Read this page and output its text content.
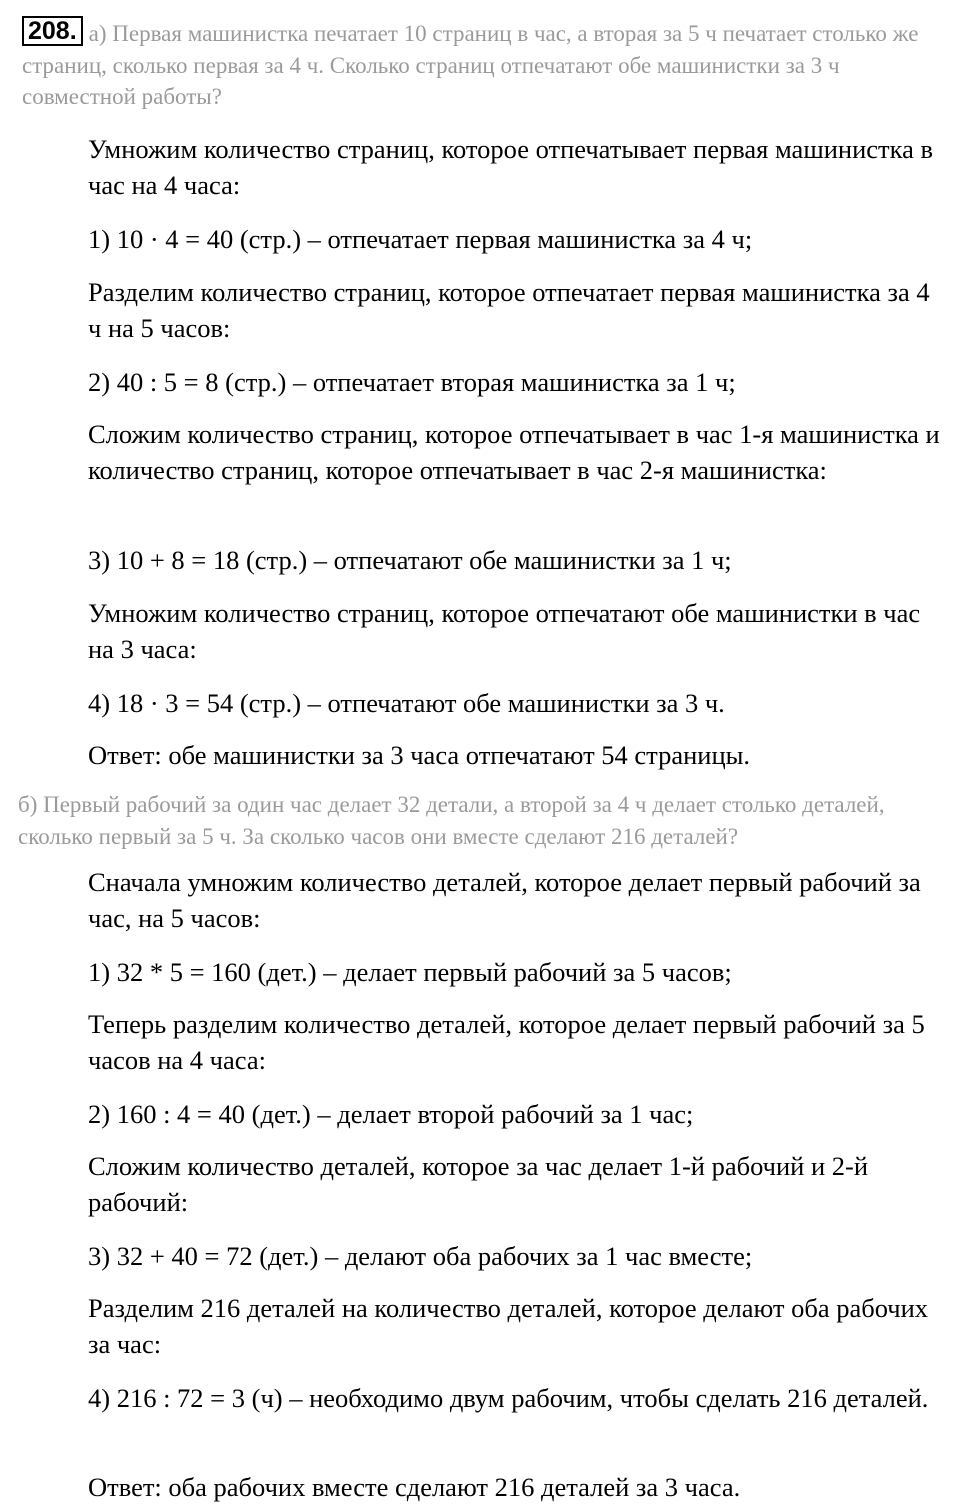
208. а) Первая машинистка печатает 10 страниц в час, а вторая за 5 ч печатает столько же страниц, сколько первая за 4 ч. Сколько страниц отпечатают обе машинистки за 3 ч совместной работы?

Умножим количество страниц, которое отпечатывает первая машинистка в час на 4 часа:

1) 10 · 4 = 40 (стр.) – отпечатает первая машинистка за 4 ч;

Разделим количество страниц, которое отпечатает первая машинистка за 4 ч на 5 часов:

2) 40 : 5 = 8 (стр.) – отпечатает вторая машинистка за 1 ч;

Сложим количество страниц, которое отпечатывает в час 1-я машинистка и количество страниц, которое отпечатывает в час 2-я машинистка:

3) 10 + 8 = 18 (стр.) – отпечатают обе машинистки за 1 ч;

Умножим количество страниц, которое отпечатают обе машинистки в час на 3 часа:

4) 18 · 3 = 54 (стр.) – отпечатают обе машинистки за 3 ч.

Ответ: обе машинистки за 3 часа отпечатают 54 страницы.

б) Первый рабочий за один час делает 32 детали, а второй за 4 ч делает столько деталей, сколько первый за 5 ч. За сколько часов они вместе сделают 216 деталей?

Сначала умножим количество деталей, которое делает первый рабочий за час, на 5 часов:

1) 32 * 5 = 160 (дет.) – делает первый рабочий за 5 часов;

Теперь разделим количество деталей, которое делает первый рабочий за 5 часов на 4 часа:

2) 160 : 4 = 40 (дет.) – делает второй рабочий за 1 час;

Сложим количество деталей, которое за час делает 1-й рабочий и 2-й рабочий:

3) 32 + 40 = 72 (дет.) – делают оба рабочих за 1 час вместе;

Разделим 216 деталей на количество деталей, которое делают оба рабочих за час:

4) 216 : 72 = 3 (ч) – необходимо двум рабочим, чтобы сделать 216 деталей.

Ответ: оба рабочих вместе сделают 216 деталей за 3 часа.
